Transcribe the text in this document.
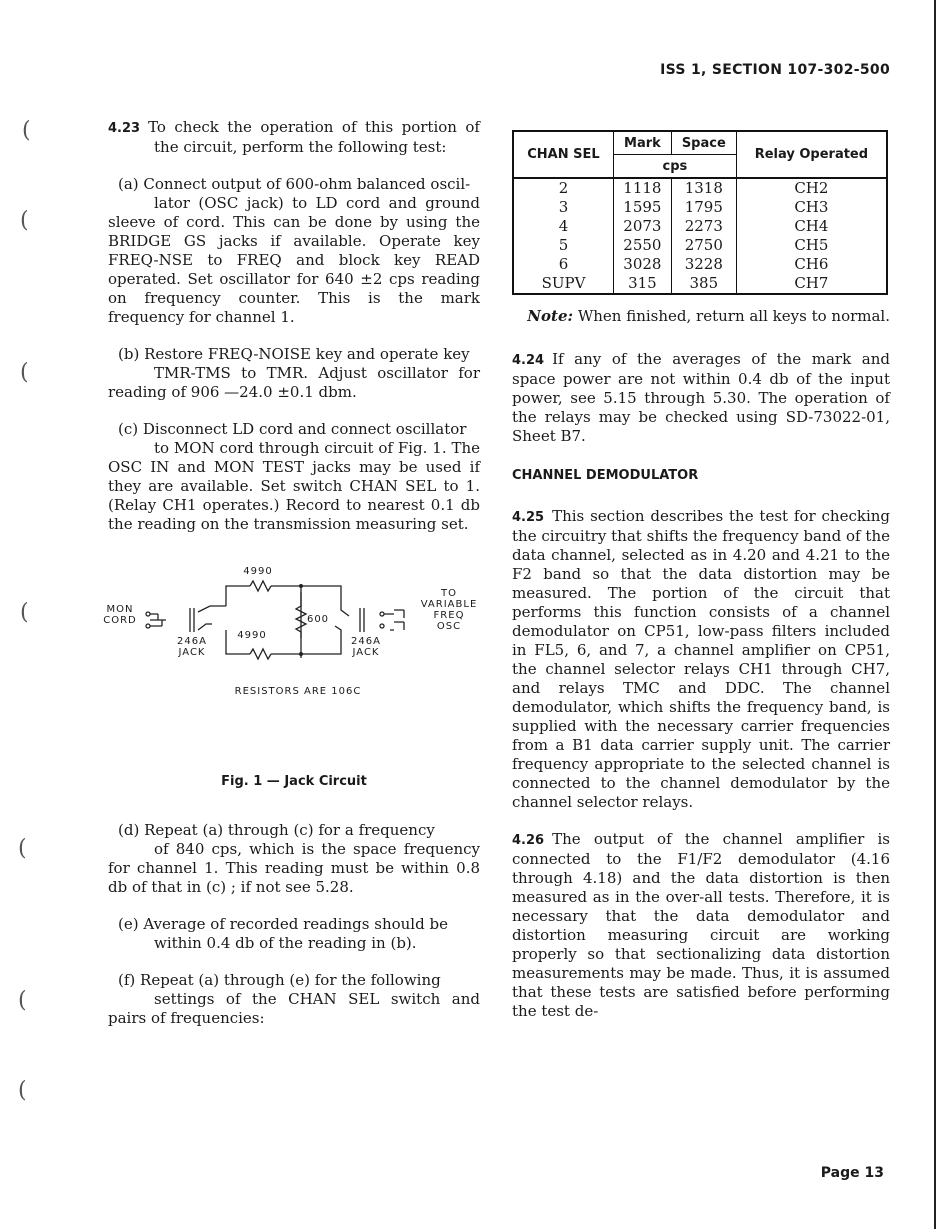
(
(
(
(
(
(
(
ISS 1, SECTION 107-302-500

4.23 To check the operation of this portion of the circuit, perform the following test:

(a) Connect output of 600-ohm balanced oscil-
lator (OSC jack) to LD cord and ground sleeve of cord. This can be done by using the BRIDGE GS jacks if available. Operate key FREQ-NSE to FREQ and block key READ operated. Set oscillator for 640 ±2 cps reading on frequency counter. This is the mark frequency for channel 1.

(b) Restore FREQ-NOISE key and operate key
TMR-TMS to TMR. Adjust oscillator for reading of 906 —24.0 ±0.1 dbm.

(c) Disconnect LD cord and connect oscillator
to MON cord through circuit of Fig. 1. The OSC IN and MON TEST jacks may be used if they are available. Set switch CHAN SEL to 1. (Relay CH1 operates.) Record to nearest 0.1 db the reading on the transmission measuring set.

4990
4990
600
MON
CORD
246A
JACK
246A
JACK
TO
VARIABLE
FREQ
OSC
RESISTORS ARE 106C

Fig. 1 — Jack Circuit

(d) Repeat (a) through (c) for a frequency
of 840 cps, which is the space frequency for channel 1. This reading must be within 0.8 db of that in (c) ; if not see 5.28.

(e) Average of recorded readings should be
within 0.4 db of the reading in (b).

(f) Repeat (a) through (e) for the following
settings of the CHAN SEL switch and pairs of frequencies:

CHAN SEL	Mark	Space	Relay Operated
	cps		
2	1118	1318	CH2
3	1595	1795	CH3
4	2073	2273	CH4
5	2550	2750	CH5
6	3028	3228	CH6
SUPV	315	385	CH7

Note: When finished, return all keys to normal.

4.24 If any of the averages of the mark and space power are not within 0.4 db of the input power, see 5.15 through 5.30. The operation of the relays may be checked using SD-73022-01, Sheet B7.

CHANNEL DEMODULATOR

4.25 This section describes the test for checking the circuitry that shifts the frequency band of the data channel, selected as in 4.20 and 4.21 to the F2 band so that the data distortion may be measured. The portion of the circuit that performs this function consists of a channel demodulator on CP51, low-pass filters included in FL5, 6, and 7, a channel amplifier on CP51, the channel selector relays CH1 through CH7, and relays TMC and DDC. The channel demodulator, which shifts the frequency band, is supplied with the necessary carrier frequencies from a B1 data carrier supply unit. The carrier frequency appropriate to the selected channel is connected to the channel demodulator by the channel selector relays.

4.26 The output of the channel amplifier is connected to the F1/F2 demodulator (4.16 through 4.18) and the data distortion is then measured as in the over-all tests. Therefore, it is necessary that the data demodulator and distortion measuring circuit are working properly so that sectionalizing data distortion measurements may be made. Thus, it is assumed that these tests are satisfied before performing the test de-

Page 13
